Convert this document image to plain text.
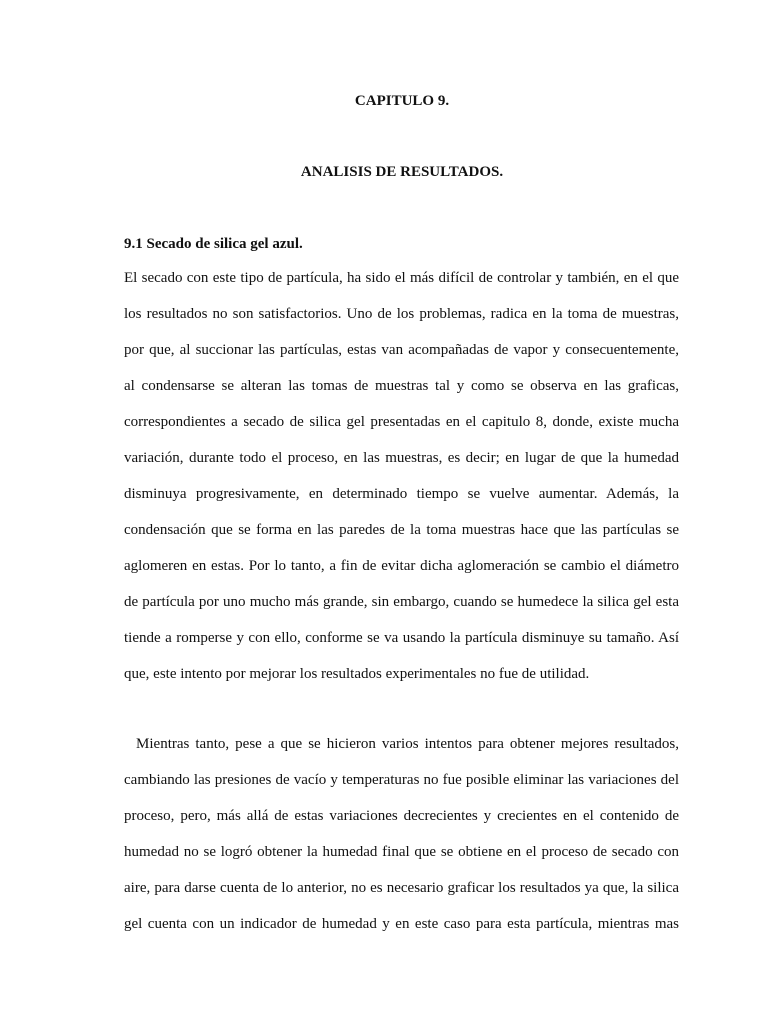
CAPITULO 9.
ANALISIS DE RESULTADOS.
9.1 Secado de silica gel azul.
El secado con este tipo de partícula, ha sido el más difícil de controlar y también, en el que
los resultados no son satisfactorios. Uno de los problemas, radica en la toma de muestras,
por que, al succionar las partículas, estas van acompañadas de vapor y consecuentemente,
al condensarse se alteran las tomas de muestras tal y como se observa en las graficas,
correspondientes a secado de silica gel presentadas en el capitulo 8, donde, existe mucha
variación, durante todo el proceso, en las muestras, es decir; en lugar de que la humedad
disminuya progresivamente, en determinado tiempo se vuelve aumentar. Además, la
condensación que se forma en las paredes de la toma muestras hace que las partículas se
aglomeren en estas. Por lo tanto, a fin de evitar dicha aglomeración se cambio el diámetro
de partícula por uno mucho más grande, sin embargo, cuando se humedece la silica gel esta
tiende a romperse y con ello, conforme se va usando la partícula disminuye su tamaño. Así
que, este intento por mejorar los resultados experimentales no fue de utilidad.
Mientras tanto, pese a que se hicieron varios intentos para obtener mejores resultados,
cambiando las presiones de vacío y temperaturas no fue posible eliminar las variaciones del
proceso, pero, más allá de estas variaciones decrecientes y crecientes en el contenido de
humedad no se logró obtener la humedad final que se obtiene en el proceso de secado con
aire, para darse cuenta de lo anterior, no es necesario graficar los resultados ya que, la silica
gel cuenta con un indicador de humedad y en este caso para esta partícula, mientras mas
